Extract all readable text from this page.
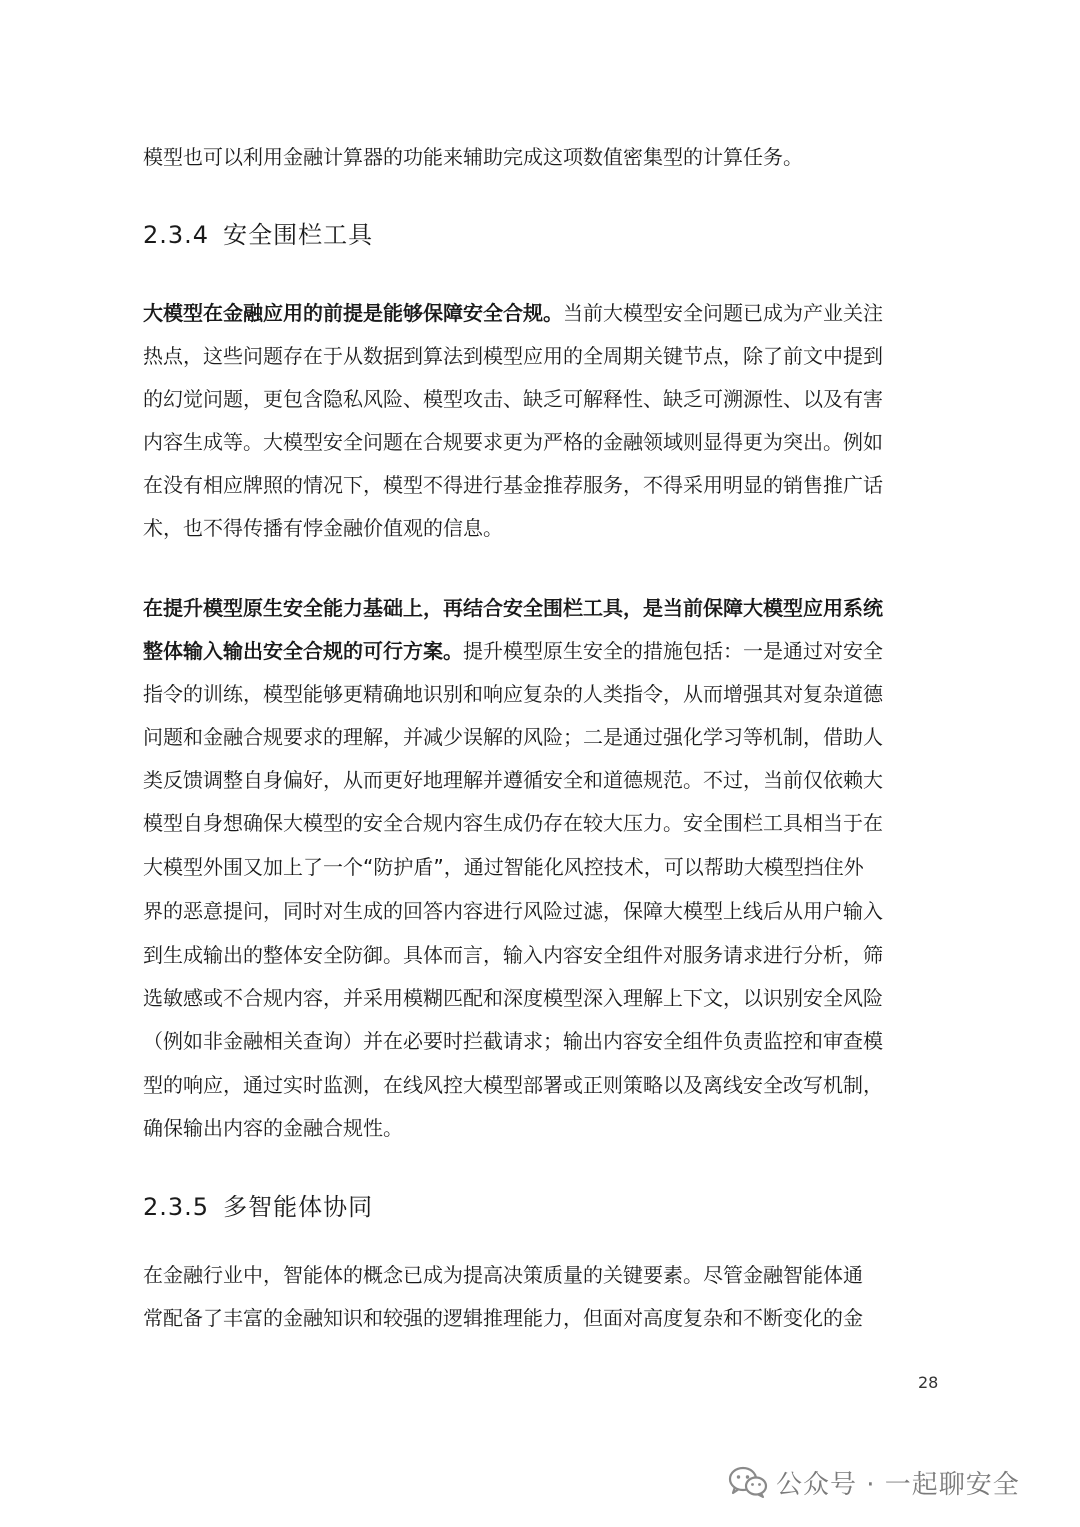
模型也可以利用金融计算器的功能来辅助完成这项数值密集型的计算任务。
2.3.4 安全围栏工具
大模型在金融应用的前提是能够保障安全合规。当前大模型安全问题已成为产业关注
热点，这些问题存在于从数据到算法到模型应用的全周期关键节点，除了前文中提到
的幻觉问题，更包含隐私风险、模型攻击、缺乏可解释性、缺乏可溯源性、以及有害
内容生成等。大模型安全问题在合规要求更为严格的金融领域则显得更为突出。例如
在没有相应牌照的情况下，模型不得进行基金推荐服务，不得采用明显的销售推广话
术，也不得传播有悖金融价值观的信息。
在提升模型原生安全能力基础上，再结合安全围栏工具，是当前保障大模型应用系统
整体输入输出安全合规的可行方案。提升模型原生安全的措施包括：一是通过对安全
指令的训练，模型能够更精确地识别和响应复杂的人类指令，从而增强其对复杂道德
问题和金融合规要求的理解，并减少误解的风险；二是通过强化学习等机制，借助人
类反馈调整自身偏好，从而更好地理解并遵循安全和道德规范。不过，当前仅依赖大
模型自身想确保大模型的安全合规内容生成仍存在较大压力。安全围栏工具相当于在
大模型外围又加上了一个“防护盾”，通过智能化风控技术，可以帮助大模型挡住外
界的恶意提问，同时对生成的回答内容进行风险过滤，保障大模型上线后从用户输入
到生成输出的整体安全防御。具体而言，输入内容安全组件对服务请求进行分析，筛
选敏感或不合规内容，并采用模糊匹配和深度模型深入理解上下文，以识别安全风险
（例如非金融相关查询）并在必要时拦截请求；输出内容安全组件负责监控和审查模
型的响应，通过实时监测，在线风控大模型部署或正则策略以及离线安全改写机制，
确保输出内容的金融合规性。
2.3.5 多智能体协同
在金融行业中，智能体的概念已成为提高决策质量的关键要素。尽管金融智能体通
常配备了丰富的金融知识和较强的逻辑推理能力，但面对高度复杂和不断变化的金
28
公众号 · 一起聊安全
